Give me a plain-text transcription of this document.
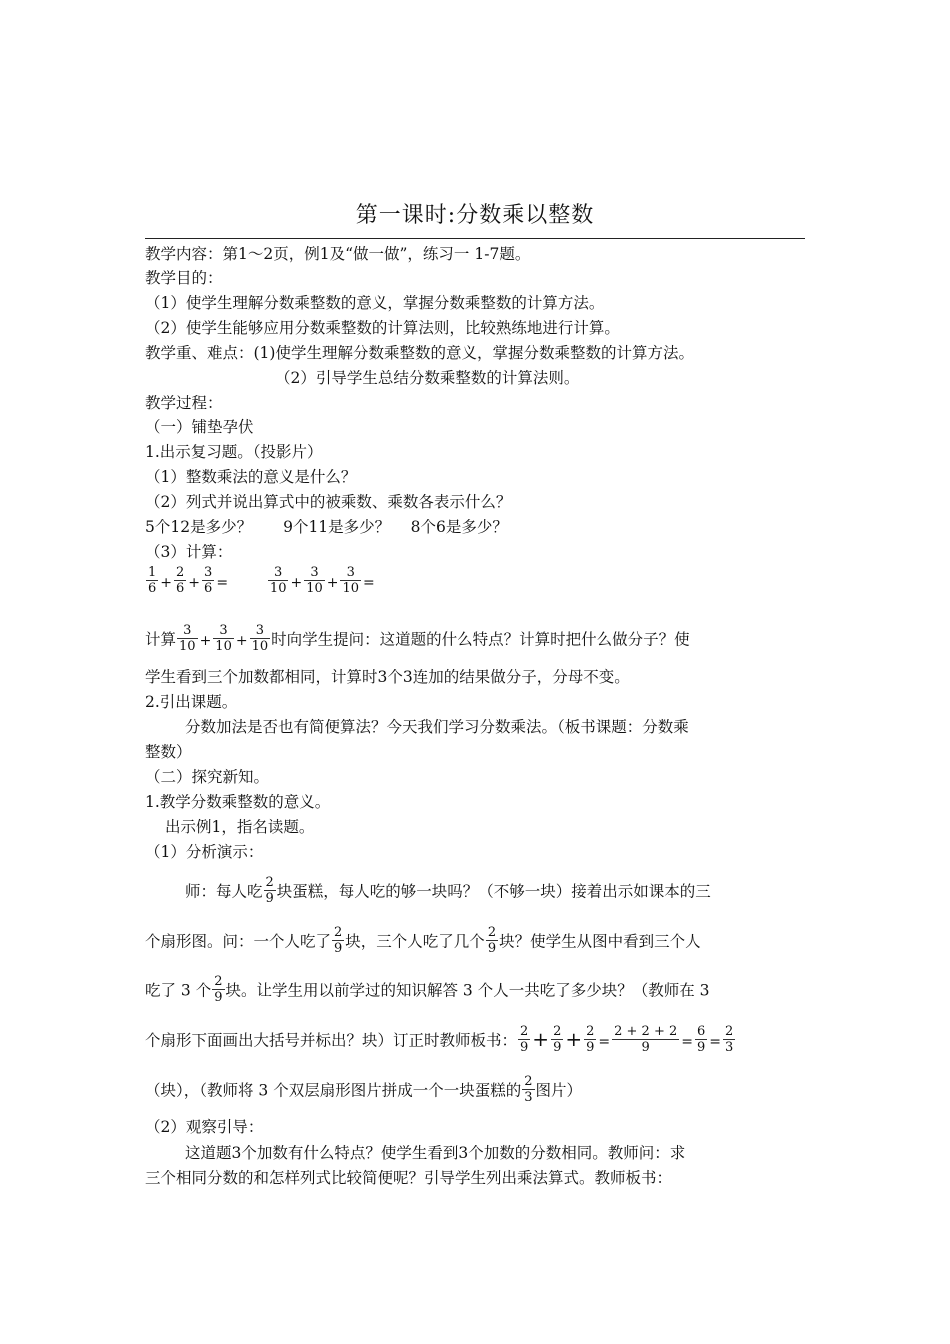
第一课时:分数乘以整数
教学内容：第1～2页，例1及“做一做”，练习一 1-7题。
教学目的：
（1）使学生理解分数乘整数的意义，掌握分数乘整数的计算方法。
（2）使学生能够应用分数乘整数的计算法则，比较熟练地进行计算。
教学重、难点：(1)使学生理解分数乘整数的意义，掌握分数乘整数的计算方法。
（2）引导学生总结分数乘整数的计算法则。
教学过程：
（一）铺垫孕伏
1.出示复习题。（投影片）
（1）整数乘法的意义是什么？
（2）列式并说出算式中的被乘数、乘数各表示什么？
5个12是多少？　　9个11是多少？　 8个6是多少？
（3）计算：
$\frac{1}{6} + \frac{2}{6} + \frac{3}{6}$ =	$\frac{3}{10} + \frac{3}{10} + \frac{3}{10}$ =
计算 $\frac{3}{10} + \frac{3}{10} + \frac{3}{10}$ 时向学生提问：这道题的什么特点？计算时把什么做分子？使
学生看到三个加数都相同，计算时3个3连加的结果做分子，分母不变。
2.引出课题。
分数加法是否也有简便算法？今天我们学习分数乘法。（板书课题：分数乘
整数）
（二）探究新知。
1.教学分数乘整数的意义。
出示例1，指名读题。
（1）分析演示：
师：每人吃 $\frac{2}{9}$ 块蛋糕，每人吃的够一块吗？（不够一块）接着出示如课本的三
个扇形图。问：一个人吃了 $\frac{2}{9}$ 块，三个人吃了几个 $\frac{2}{9}$ 块？使学生从图中看到三个人
吃了 3 个 $\frac{2}{9}$ 块。让学生用以前学过的知识解答 3 个人一共吃了多少块？（教师在 3
个扇形下面画出大括号并标出？块）订正时教师板书： $\frac{2}{9} + \frac{2}{9} + \frac{2}{9} = \frac{2 + 2 + 2}{9} = \frac{6}{9} = \frac{2}{3}$
（块），（教师将 3 个双层扇形图片拼成一个一块蛋糕的 $\frac{2}{3}$ 图片）
（2）观察引导：
这道题3个加数有什么特点？使学生看到3个加数的分数相同。教师问：求
三个相同分数的和怎样列式比较简便呢？引导学生列出乘法算式。教师板书：
